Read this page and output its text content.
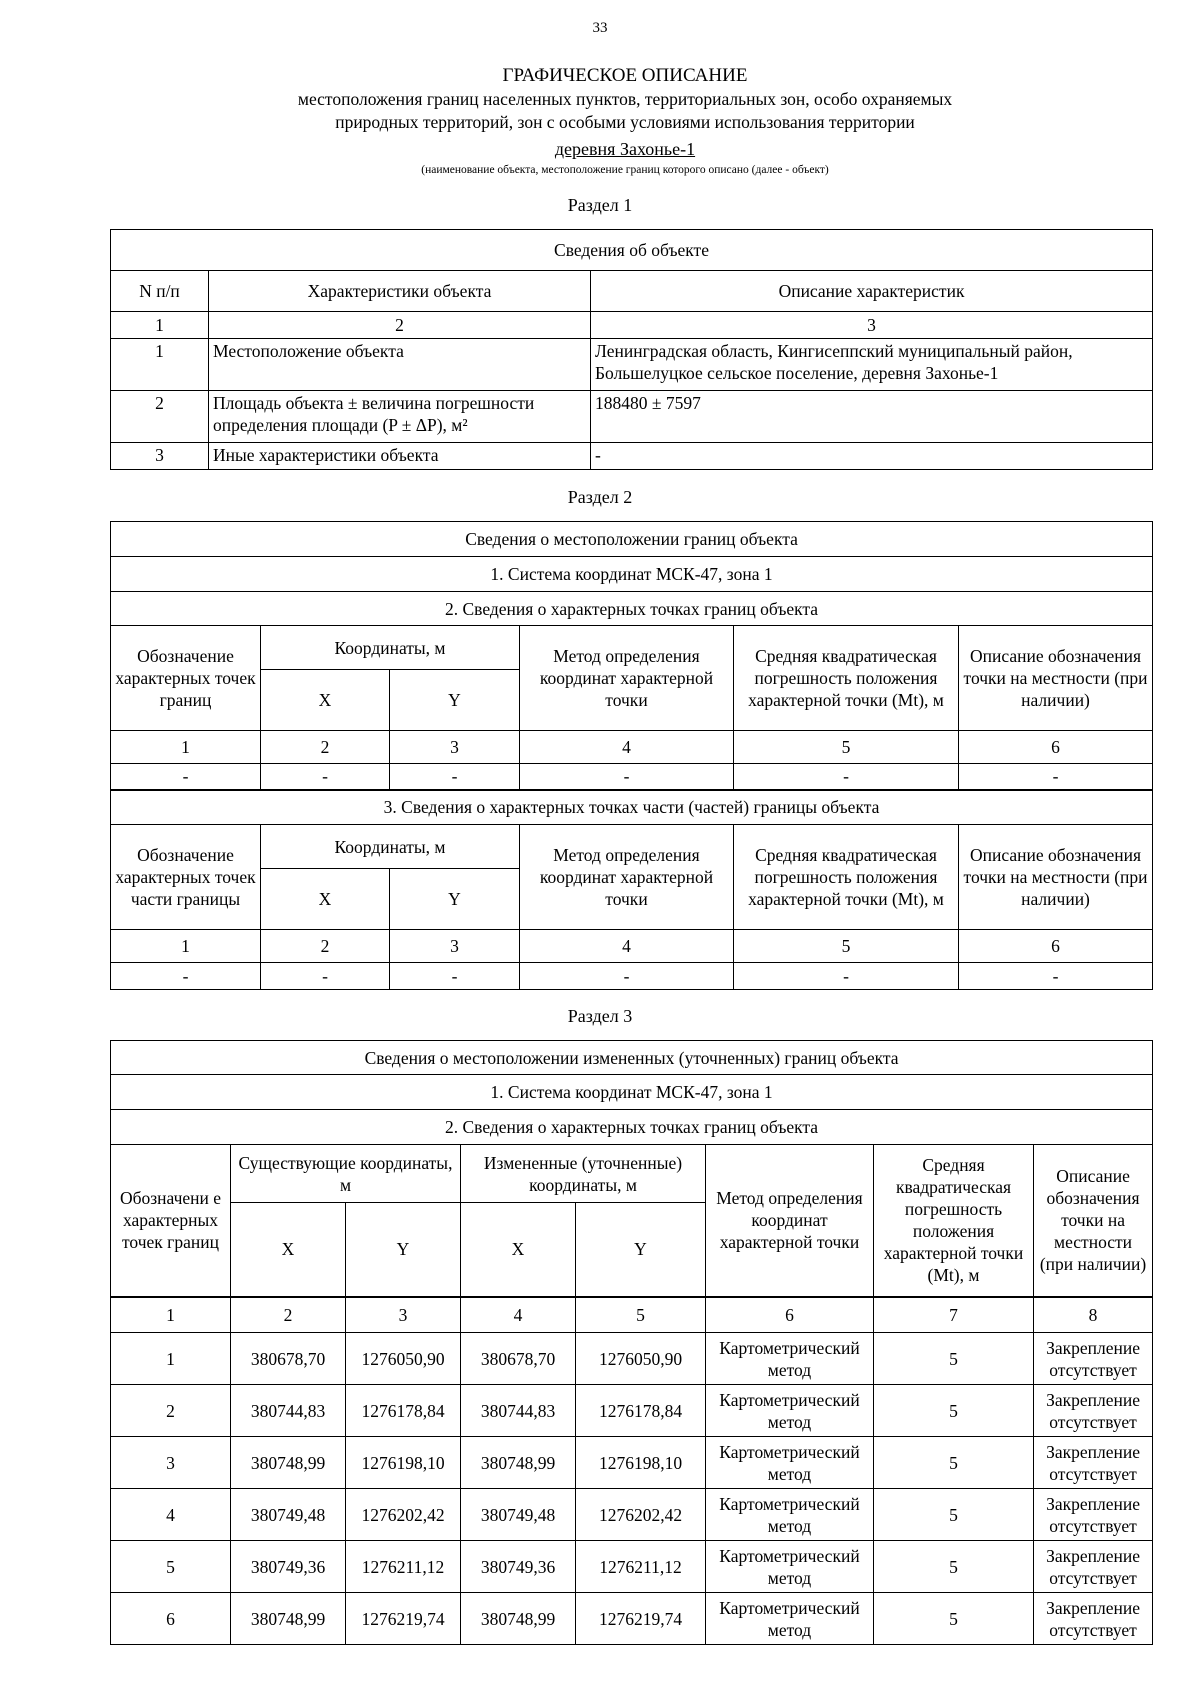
33
ГРАФИЧЕСКОЕ ОПИСАНИЕ
местоположения границ населенных пунктов, территориальных зон, особо охраняемых
природных территорий, зон с особыми условиями использования территории
деревня Захонье-1
(наименование объекта, местоположение границ которого описано (далее - объект)
Раздел 1
Сведения об объекте		
N п/п	Характеристики объекта	Описание характеристик
1	2	3
1	Местоположение объекта	Ленинградская область, Кингисеппский муниципальный район, Большелуцкое сельское поселение, деревня Захонье-1
2	Площадь объекта ± величина погрешности определения площади (P ± ΔP), м²	188480 ± 7597
3	Иные характеристики объекта	-
Раздел 2
Сведения о местоположении границ объекта					
1. Система координат МСК-47, зона 1					
2. Сведения о характерных точках границ объекта					
Обозначение характерных точек границ	Координаты, м		Метод определения координат характерной точки	Средняя квадратическая погрешность положения характерной точки (Mt), м	Описание обозначения точки на местности (при наличии)
	X	Y			
1	2	3	4	5	6
-	-	-	-	-	-
3. Сведения о характерных точках части (частей) границы объекта					
Обозначение характерных точек части границы	Координаты, м		Метод определения координат характерной точки	Средняя квадратическая погрешность положения характерной точки (Mt), м	Описание обозначения точки на местности (при наличии)
	X	Y			
1	2	3	4	5	6
-	-	-	-	-	-
Раздел 3
Сведения о местоположении измененных (уточненных) границ объекта							
1. Система координат МСК-47, зона 1							
2. Сведения о характерных точках границ объекта							
Обозначени е характерных точек границ	Существующие координаты, м		Измененные (уточненные) координаты, м		Метод определения координат характерной точки	Средняя квадратическая погрешность положения характерной точки (Mt), м	Описание обозначения точки на местности (при наличии)
	X	Y	X	Y			
1	2	3	4	5	6	7	8
1	380678,70	1276050,90	380678,70	1276050,90	Картометрический метод	5	Закрепление отсутствует
2	380744,83	1276178,84	380744,83	1276178,84	Картометрический метод	5	Закрепление отсутствует
3	380748,99	1276198,10	380748,99	1276198,10	Картометрический метод	5	Закрепление отсутствует
4	380749,48	1276202,42	380749,48	1276202,42	Картометрический метод	5	Закрепление отсутствует
5	380749,36	1276211,12	380749,36	1276211,12	Картометрический метод	5	Закрепление отсутствует
6	380748,99	1276219,74	380748,99	1276219,74	Картометрический метод	5	Закрепление отсутствует
